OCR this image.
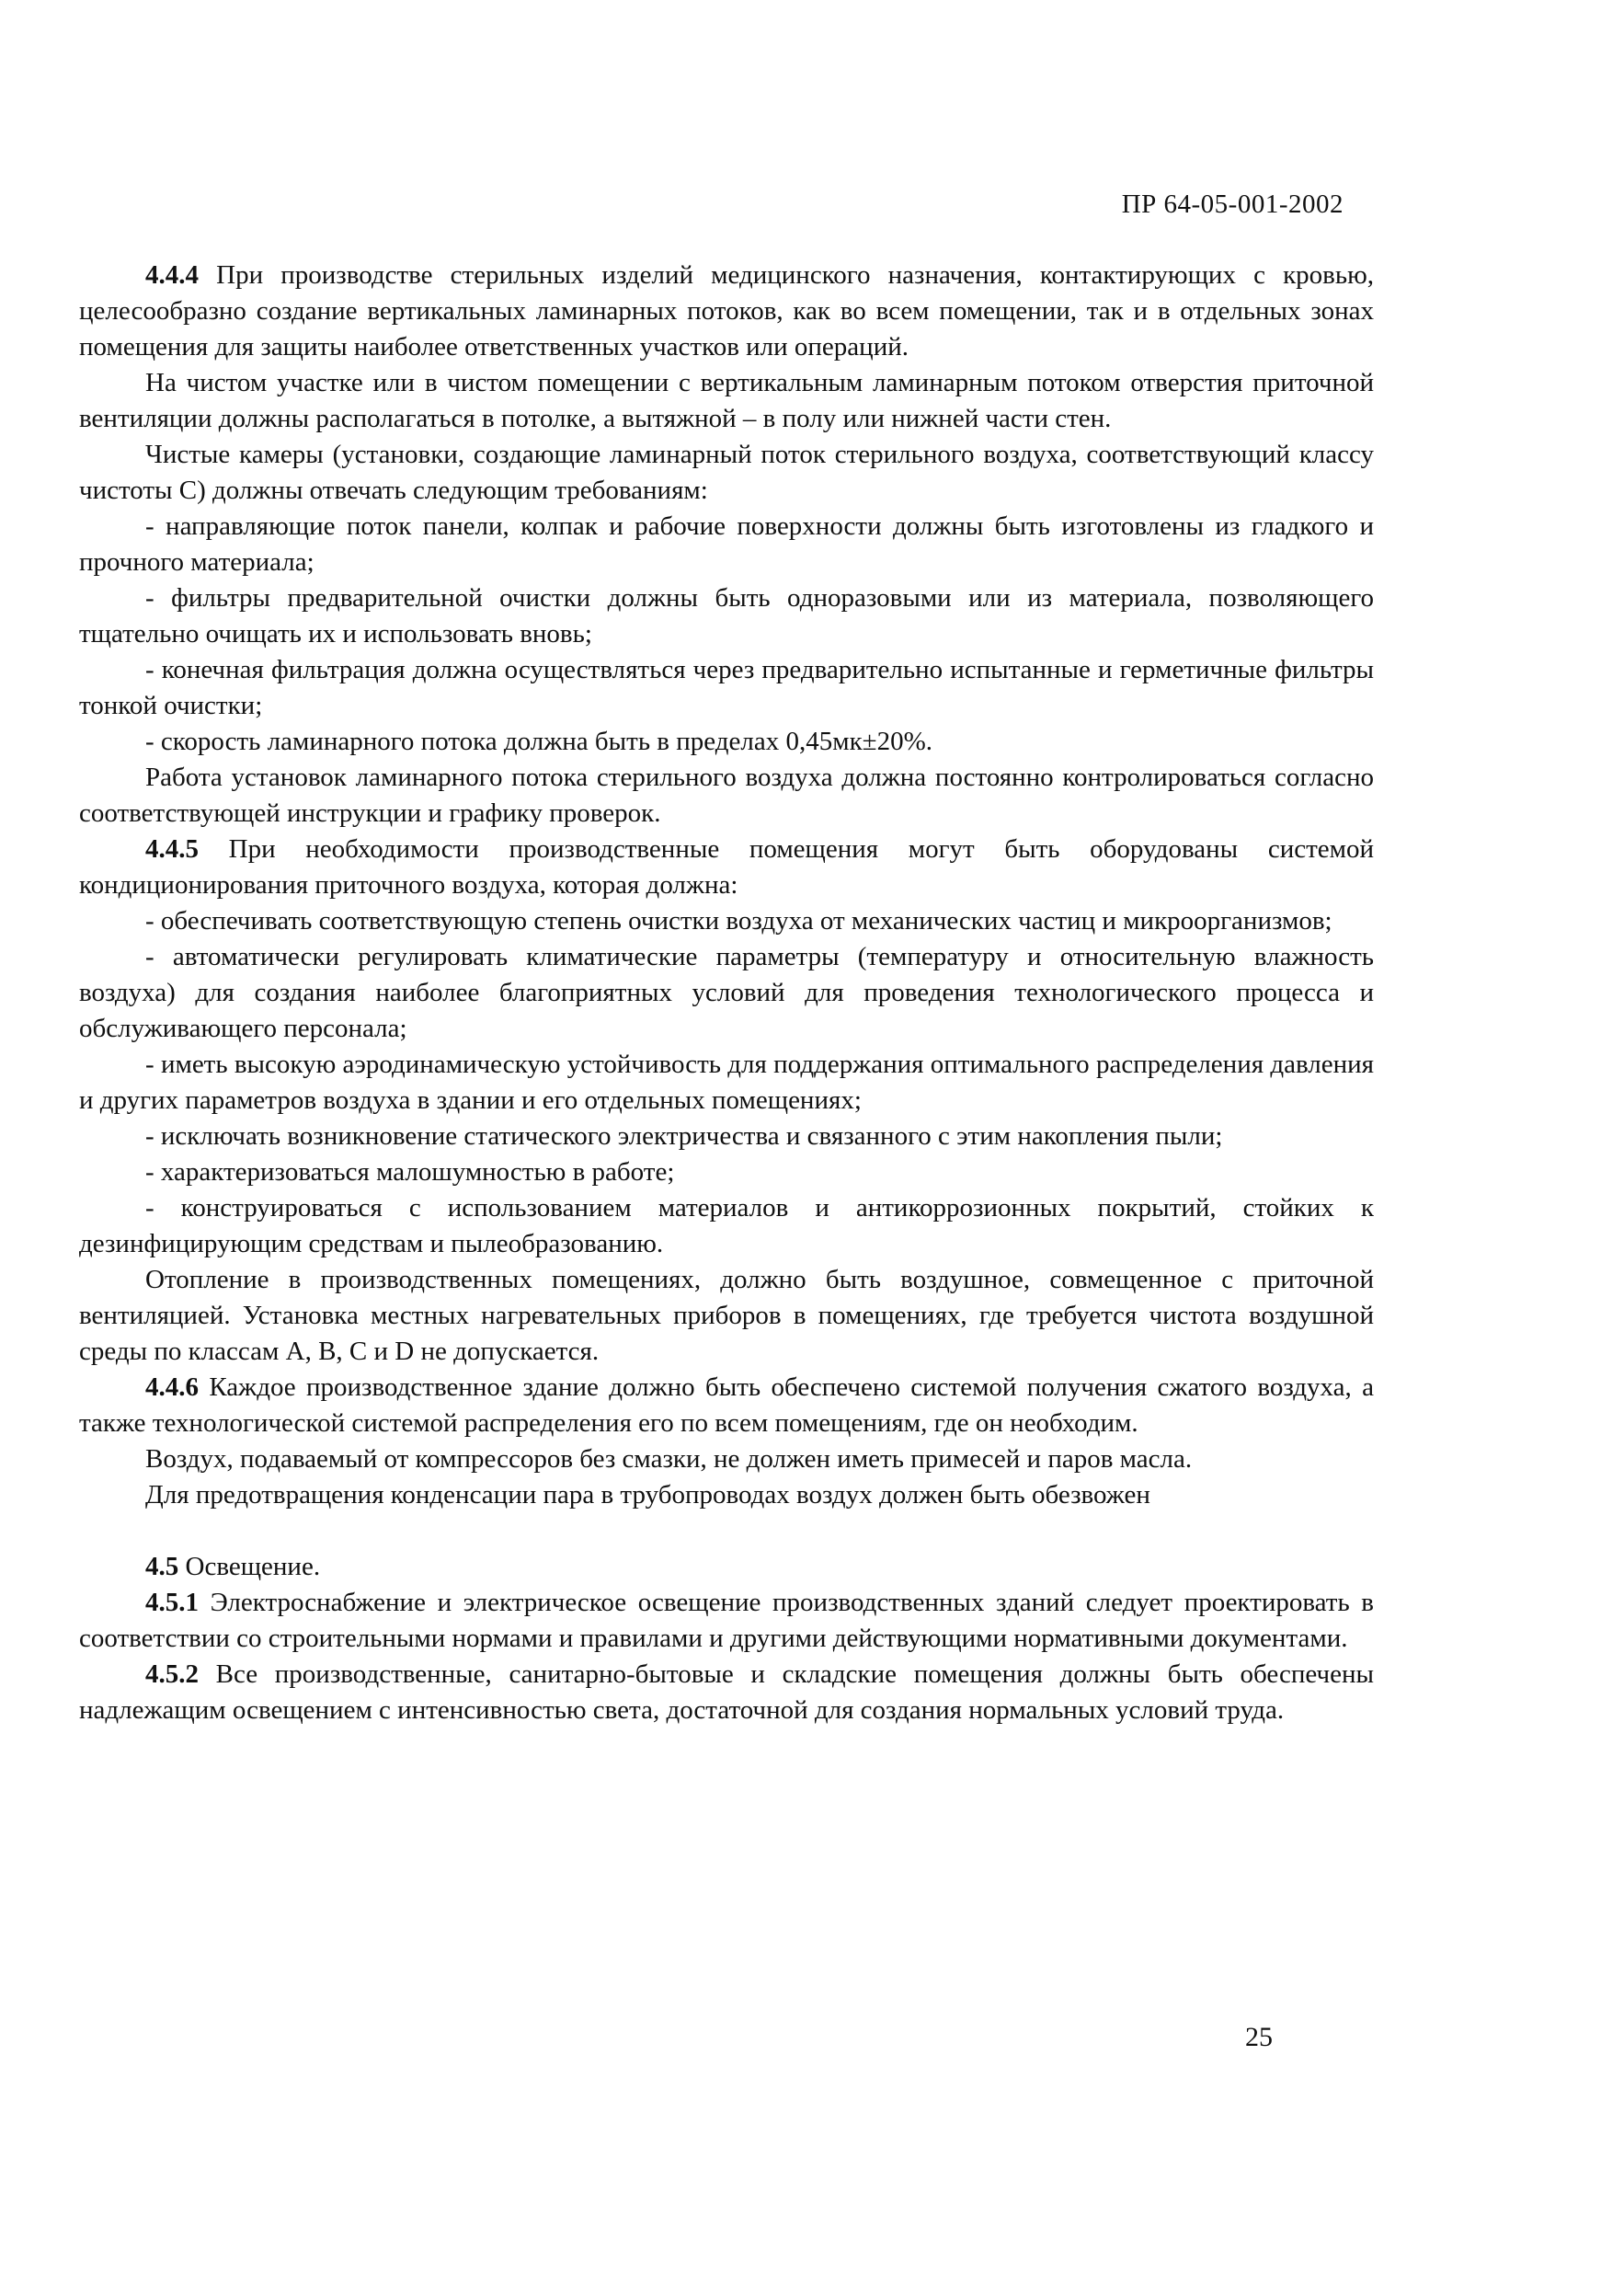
ПР 64-05-001-2002

4.4.4 При производстве стерильных изделий медицинского назначения, контактирующих с кровью, целесообразно создание вертикальных ламинарных потоков, как во всем помещении, так и в отдельных зонах помещения для защиты наиболее ответственных участков или операций.

На чистом участке или в чистом помещении с вертикальным ламинарным потоком отверстия приточной вентиляции должны располагаться в потолке, а вытяжной – в полу или нижней части стен.

Чистые камеры (установки, создающие ламинарный поток стерильного воздуха, соответствующий классу чистоты С) должны отвечать следующим требованиям:

- направляющие поток панели, колпак и рабочие поверхности должны быть изготовлены из гладкого и прочного материала;

- фильтры предварительной очистки должны быть одноразовыми или из материала, позволяющего тщательно очищать их и использовать вновь;

- конечная фильтрация должна осуществляться через предварительно испытанные и герметичные фильтры тонкой очистки;

- скорость ламинарного потока должна быть в пределах 0,45мк±20%.

Работа установок ламинарного потока стерильного воздуха должна постоянно контролироваться согласно соответствующей инструкции и графику проверок.

4.4.5 При необходимости производственные помещения могут быть оборудованы системой кондиционирования приточного воздуха, которая должна:

- обеспечивать соответствующую степень очистки воздуха от механических частиц и микроорганизмов;

- автоматически регулировать климатические параметры (температуру и относительную влажность воздуха) для создания наиболее благоприятных условий для проведения технологического процесса и обслуживающего персонала;

- иметь высокую аэродинамическую устойчивость для поддержания оптимального распределения давления и других параметров воздуха в здании и его отдельных помещениях;

- исключать возникновение статического электричества и связанного с этим накопления пыли;

- характеризоваться малошумностью в работе;

- конструироваться с использованием материалов и антикоррозионных покрытий, стойких к дезинфицирующим средствам и пылеобразованию.

Отопление в производственных помещениях, должно быть воздушное, совмещенное с приточной вентиляцией. Установка местных нагревательных приборов в помещениях, где требуется чистота воздушной среды по классам А, В, С и D не допускается.

4.4.6 Каждое производственное здание должно быть обеспечено системой получения сжатого воздуха, а также технологической системой распределения его по всем помещениям, где он необходим.

Воздух, подаваемый от компрессоров без смазки, не должен иметь примесей и паров масла.

Для предотвращения конденсации пара в трубопроводах воздух должен быть обезвожен

4.5 Освещение.

4.5.1 Электроснабжение и электрическое освещение производственных зданий следует проектировать в соответствии со строительными нормами и правилами и другими действующими нормативными документами.

4.5.2 Все производственные, санитарно-бытовые и складские помещения должны быть обеспечены надлежащим освещением с интенсивностью света, достаточной для создания нормальных условий труда.

25
